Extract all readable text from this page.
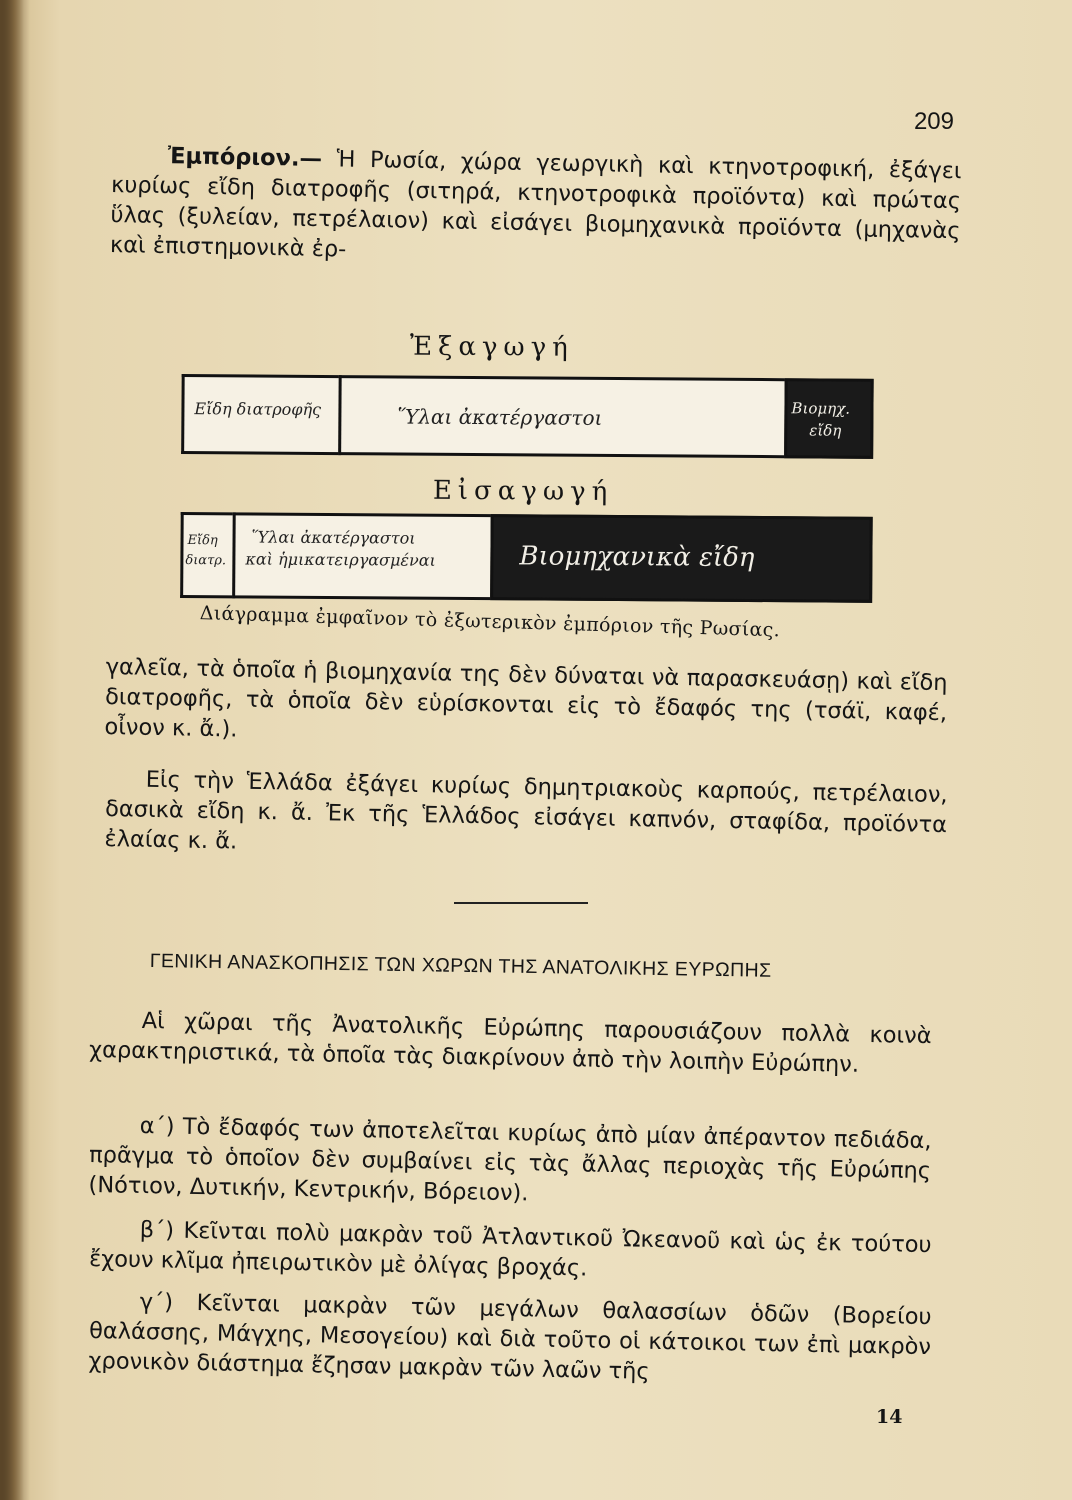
209

Ἐμπόριον.— Ἡ Ρωσία, χώρα γεωργικὴ καὶ κτηνοτροφική, ἐξάγει κυρίως εἴδη διατροφῆς (σιτηρά, κτηνοτροφικὰ προϊόντα) καὶ πρώτας ὕλας (ξυλείαν, πετρέλαιον) καὶ εἰσάγει βιομηχανικὰ προϊόντα (μηχανὰς καὶ ἐπιστημονικὰ ἐρ-

Ἐξαγωγή
Εἴδη διατροφῆς	Ὕλαι ἀκατέργαστοι	Βιομηχ.
εἴδη
Εἰσαγωγή
Εἴδη
διατρ.
Ὕλαι ἀκατέργαστοι
καὶ ἡμικατειργασμέναι	Βιομηχανικὰ εἴδη
Διάγραμμα ἐμφαῖνον τὸ ἐξωτερικὸν ἐμπόριον τῆς Ρωσίας.

γαλεῖα, τὰ ὁποῖα ἡ βιομηχανία της δὲν δύναται νὰ παρασκευάσῃ) καὶ εἴδη διατροφῆς, τὰ ὁποῖα δὲν εὑρίσκονται εἰς τὸ ἔδαφός της (τσάϊ, καφέ, οἶνον κ. ἄ.).

Εἰς τὴν Ἑλλάδα ἐξάγει κυρίως δημητριακοὺς καρπούς, πετρέλαιον, δασικὰ εἴδη κ. ἄ. Ἐκ τῆς Ἑλλάδος εἰσάγει καπνόν, σταφίδα, προϊόντα ἐλαίας κ. ἄ.

ΓΕΝΙΚΗ ΑΝΑΣΚΟΠΗΣΙΣ ΤΩΝ ΧΩΡΩΝ ΤΗΣ ΑΝΑΤΟΛΙΚΗΣ ΕΥΡΩΠΗΣ

Αἱ χῶραι τῆς Ἀνατολικῆς Εὐρώπης παρουσιάζουν πολλὰ κοινὰ χαρακτηριστικά, τὰ ὁποῖα τὰς διακρίνουν ἀπὸ τὴν λοιπὴν Εὐρώπην.

α΄) Τὸ ἔδαφός των ἀποτελεῖται κυρίως ἀπὸ μίαν ἀπέραντον πεδιάδα, πρᾶγμα τὸ ὁποῖον δὲν συμβαίνει εἰς τὰς ἄλλας περιοχὰς τῆς Εὐρώπης (Νότιον, Δυτικήν, Κεντρικήν, Βόρειον).

β΄) Κεῖνται πολὺ μακρὰν τοῦ Ἀτλαντικοῦ Ὠκεανοῦ καὶ ὡς ἐκ τούτου ἔχουν κλῖμα ἠπειρωτικὸν μὲ ὀλίγας βροχάς.

γ΄) Κεῖνται μακρὰν τῶν μεγάλων θαλασσίων ὁδῶν (Βορείου θαλάσσης, Μάγχης, Μεσογείου) καὶ διὰ τοῦτο οἱ κάτοικοι των ἐπὶ μακρὸν χρονικὸν διάστημα ἔζησαν μακρὰν τῶν λαῶν τῆς

14
